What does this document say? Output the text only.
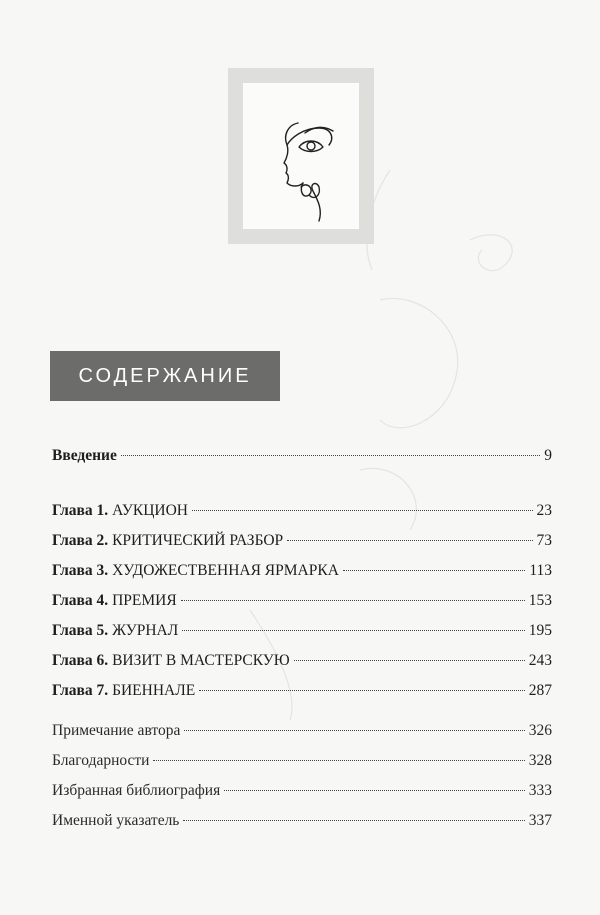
СОДЕРЖАНИЕ
Введение	9
Глава 1. АУКЦИОН	23
Глава 2. КРИТИЧЕСКИЙ РАЗБОР	73
Глава 3. ХУДОЖЕСТВЕННАЯ ЯРМАРКА	113
Глава 4. ПРЕМИЯ	153
Глава 5. ЖУРНАЛ	195
Глава 6. ВИЗИТ В МАСТЕРСКУЮ	243
Глава 7. БИЕННАЛЕ	287
Примечание автора	326
Благодарности	328
Избранная библиография	333
Именной указатель	337
